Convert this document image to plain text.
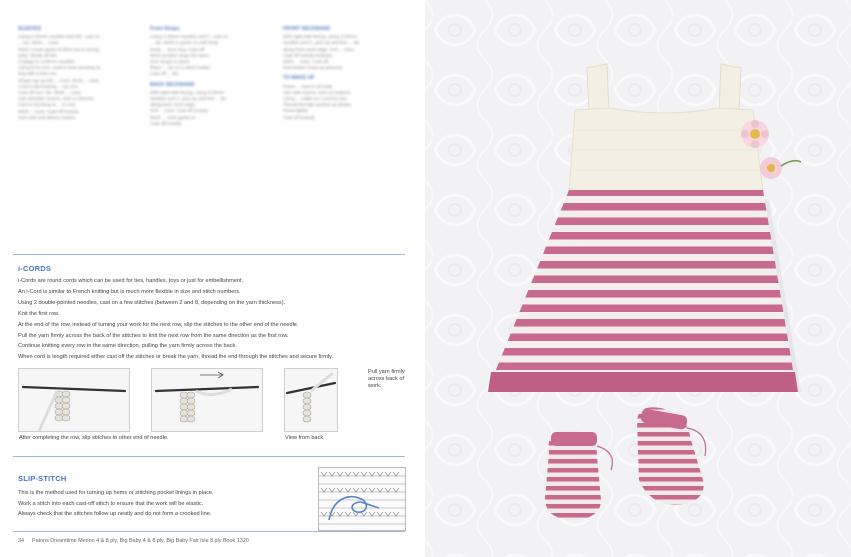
SLEEVES
Using 3.25mm needles and MC, cast on
... sts. Work ... rows.
Work 4 rows garter st (first row is wrong
side). Break off MC.
Change to 4.00mm needles.
Using B for rem. work 8 rows stocking st,
beg with a knit row.
Shape top as foll: ... rows. Work ... rows.
Cont in decreasing ... sts rem.
Cast off rem. sts. Work ... rows.
Join shoulder seams. Sew in sleeves.
Cont in stocking st ... to end.
Work ... rows. Cast off loosely.
Sew side and sleeve seams.
Front Straps
Using 3.25mm needles and C, cast on
... sts. Work in garter st until strap
meas ... from beg. Cast off.
Work another strap the same.
Sew straps in place.
Place ... sts on a stitch holder.
Cast off ... sts.
BACK NECKBAND
With right side facing, using 3.25mm
needles and C, pick up and knit ... sts
along back neck edge.
Knit ... rows. Cast off loosely.
Work ... rows garter st.
Cast off loosely.
FRONT NECKBAND
With right side facing, using 3.25mm
needles and C, pick up and knit ... sts
along front neck edge. Knit ... rows.
Cast off loosely knitwise.
Work ... rows. Cast off.
Sew button loops as pictured.
TO MAKE UP
Press ... Sew in all ends.
Join side seams. Sew on buttons.
Using ... make an i-cord for ties.
Thread through eyelets as shown.
Press lightly.
Cast off loosely.
i-CORDS
i-Cords are round cords which can be used for ties, handles, toys or just for embellishment.
An i-Cord is similar to French knitting but is much more flexible in size and stitch numbers.
Using 2 double-pointed needles, cast on a few stitches (between 2 and 8, depending on the yarn thickness).
Knit the first row.
At the end of the row, instead of turning your work for the next row, slip the stitches to the other end of the needle.
Pull the yarn firmly across the back of the stitches to knit the next row from the same direction as the first row.
Continue knitting every row in the same direction, pulling the yarn firmly across the back.
When cord is length required either cast off the stitches or break the yarn, thread the end through the stitches and secure firmly.
Pull yarn firmly across back of work.
After completing the row, slip stitches to other end of needle.	View from back.
SLIP-STITCH
This is the method used for turning up hems or stitching pocket linings in place.
Work a stitch into each cast-off stitch to ensure that the work will be elastic.
Always check that the stitches follow up neatly and do not form a crooked line.
34 Patons Dreamtime Merino 4 & 8 ply, Big Baby 4 & 8 ply, Big Baby Fair Isle 8 ply Book 1320
